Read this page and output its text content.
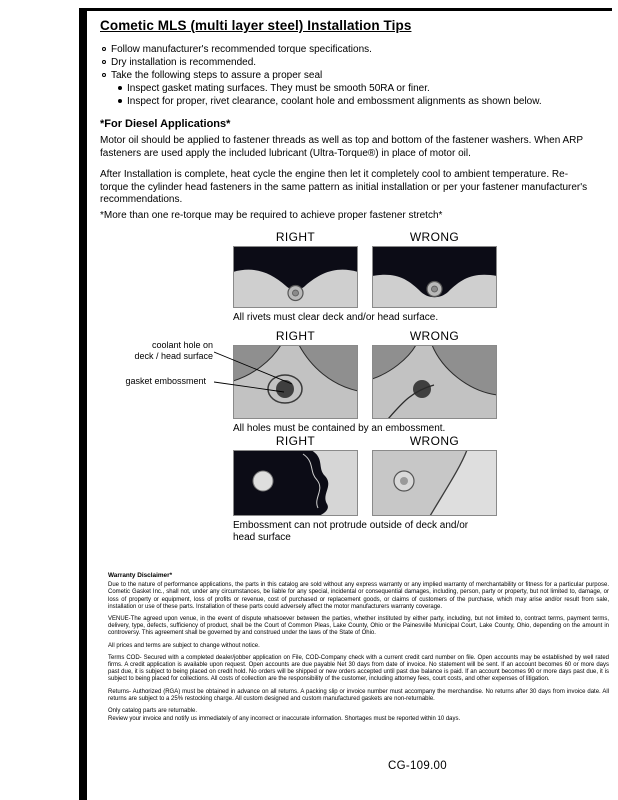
Cometic MLS (multi layer steel) Installation Tips
Follow manufacturer's recommended torque specifications.
Dry installation is recommended.
Take the following steps to assure a proper seal
Inspect gasket mating surfaces. They must be smooth 50RA or finer.
Inspect for proper, rivet clearance, coolant hole and embossment alignments as shown below.
*For Diesel Applications*

Motor oil should be applied to fastener threads as well as top and bottom of the fastener washers. When ARP fasteners are used apply the included lubricant (Ultra-Torque®) in place of motor oil.

After Installation is complete, heat cycle the engine then let it completely cool to ambient temperature. Re-torque the cylinder head fasteners in the same pattern as initial installation or per your fastener manufacturer's recommendations.

*More than one re-torque may be required to achieve proper fastener stretch*

RIGHT	WRONG
All rivets must clear deck and/or head surface.
RIGHT	WRONG
All holes must be contained by an embossment.
coolant hole on
deck / head surface
gasket embossment
RIGHT	WRONG
Embossment can not protrude outside of deck and/or head surface
Warranty Disclaimer*

Due to the nature of performance applications, the parts in this catalog are sold without any express warranty or any implied warranty of merchantability or fitness for a particular purpose. Cometic Gasket Inc., shall not, under any circumstances, be liable for any special, incidental or consequential damages, including, person, party or property, but not limited to, damage, or loss of property or equipment, loss of profits or revenue, cost of purchased or replacement goods, or claims of customers of the purchase, which may arise and/or result from sale, installation or use of these parts. Installation of these parts could adversely affect the motor manufacturers warranty coverage.

VENUE-The agreed upon venue, in the event of dispute whatsoever between the parties, whether instituted by either party, including, but not limited to, contract terms, payment terms, delivery, type, defects, sufficiency of product, shall be the Court of Common Pleas, Lake County, Ohio or the Painesville Municipal Court, Lake County, Ohio, depending on the amount in controversy. This agreement shall be governed by and construed under the laws of the State of Ohio.

All prices and terms are subject to change without notice.

Terms COD- Secured with a completed dealer/jobber application on File, COD-Company check with a current credit card number on file. Open accounts may be established by well rated firms. A credit application is available upon request. Open accounts are due payable Net 30 days from date of invoice. No statement will be sent. If an account becomes 60 or more days past due, it is subject to being placed on credit hold. No orders will be shipped or new orders accepted until past due balance is paid. If an account becomes 90 or more days past due, it is subject to being placed for collections. All costs of collection are the responsibility of the customer, including attorney fees, court costs, and other expenses of litigation.

Returns- Authorized (RGA) must be obtained in advance on all returns. A packing slip or invoice number must accompany the merchandise. No returns after 30 days from invoice date. All returns are subject to a 25% restocking charge. All custom designed and custom manufactured gaskets are non-returnable.

Only catalog parts are returnable.

Review your invoice and notify us immediately of any incorrect or inaccurate information. Shortages must be reported within 10 days.

CG-109.00
